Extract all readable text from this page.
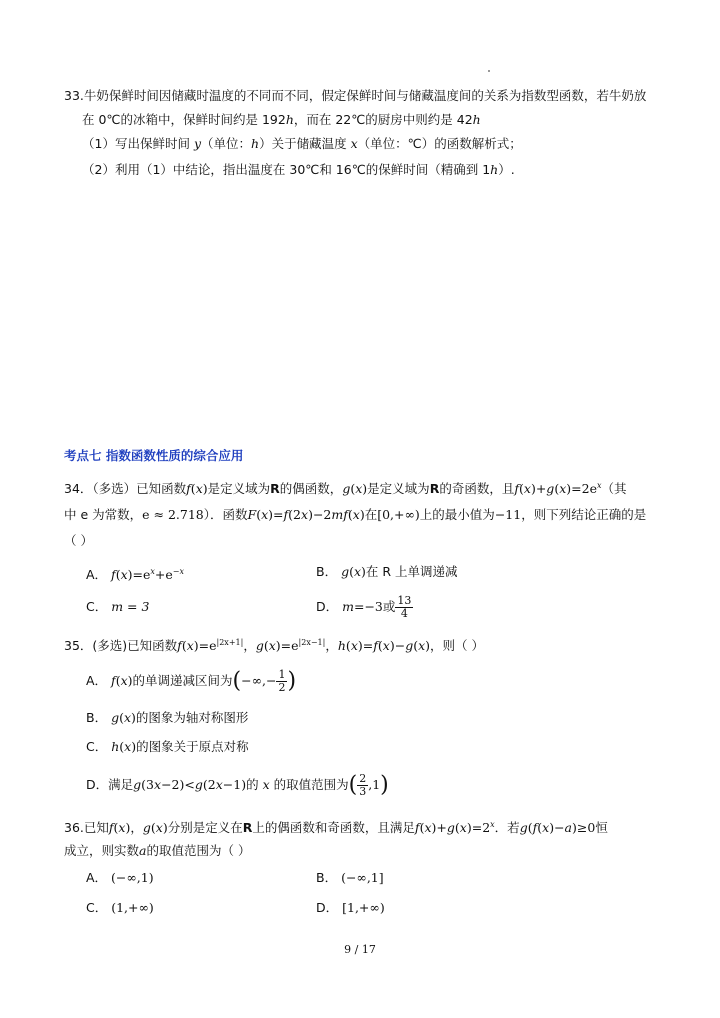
33.牛奶保鲜时间因储藏时温度的不同而不同，假定保鲜时间与储藏温度间的关系为指数型函数，若牛奶放
在 0℃的冰箱中，保鲜时间约是 192h，而在 22℃的厨房中则约是 42h
（1）写出保鲜时间 y（单位：h）关于储藏温度 x（单位：℃）的函数解析式；
（2）利用（1）中结论，指出温度在 30℃和 16℃的保鲜时间（精确到 1h）.
考点七 指数函数性质的综合应用
34．（多选）已知函数f(x)是定义域为R的偶函数，g(x)是定义域为R的奇函数，且$f(x)+g(x)=2e^x$（其
中 e 为常数，e ≈ 2.718）．函数F(x)=f(2x)−2mf(x)在[0,+∞)上的最小值为−11，则下列结论正确的是
（ ）
A． $f(x)=e^x+e^{-x}$	B． g(x)在 R 上单调递减
C． m = 3	D． m=−3或 $\frac{13}{4}$
35．(多选)已知函数$f(x)=e^{|2x+1|}$，$g(x)=e^{|2x-1|}$，h(x)=f(x)−g(x)，则（ ）
A． f(x)的单调递减区间为(−∞,− $\frac{1}{2}$ )
B． g(x)的图象为轴对称图形
C． h(x)的图象关于原点对称
D．满足g(3x−2)<g(2x−1)的 x 的取值范围为( $\frac{2}{3} ,1$)
36.已知f(x)，g(x)分别是定义在R上的偶函数和奇函数，且满足$f(x)+g(x)=2^x$．若g(f(x)−a)≥0恒
成立，则实数a的取值范围为（ ）
A． (−∞,1)	B． (−∞,1]
C． (1,+∞)	D． [1,+∞)
9 / 17
